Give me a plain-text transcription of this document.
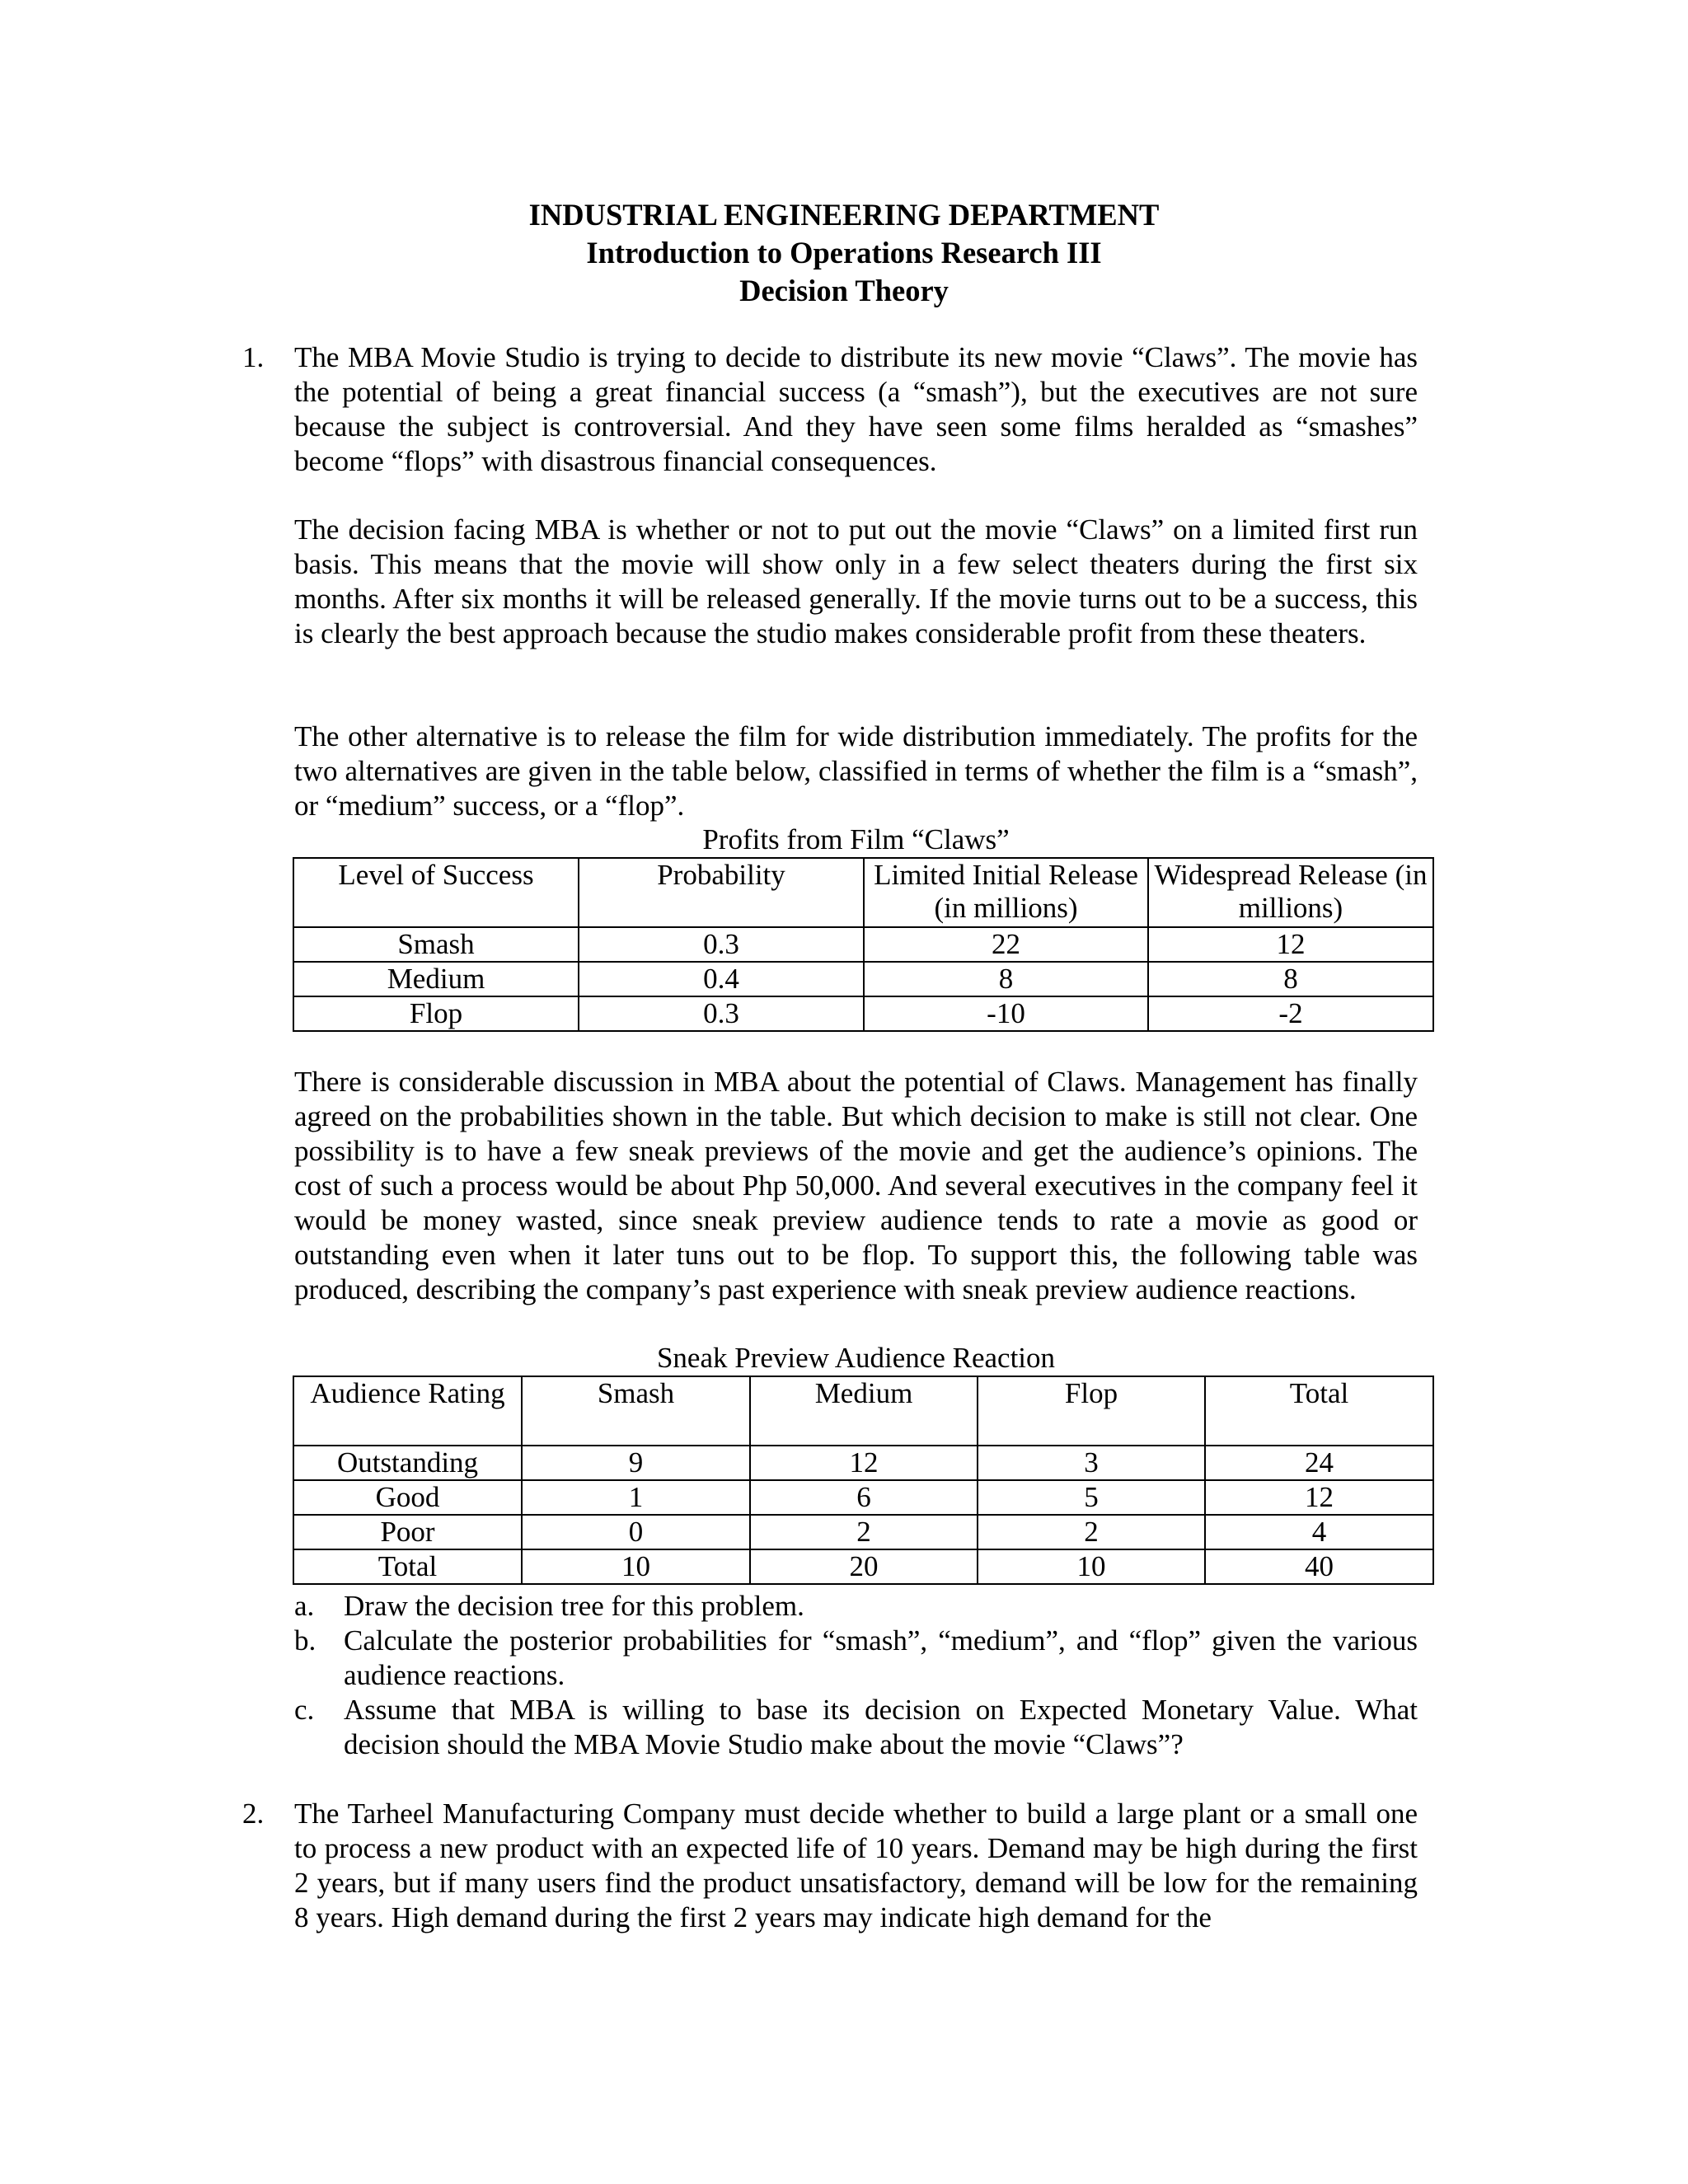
INDUSTRIAL ENGINEERING DEPARTMENT
Introduction to Operations Research III
Decision Theory
1. The MBA Movie Studio is trying to decide to distribute its new movie “Claws”. The movie has the potential of being a great financial success (a “smash”), but the executives are not sure because the subject is controversial. And they have seen some films heralded as “smashes” become “flops” with disastrous financial consequences.

The decision facing MBA is whether or not to put out the movie “Claws” on a limited first run basis. This means that the movie will show only in a few select theaters during the first six months. After six months it will be released generally. If the movie turns out to be a success, this is clearly the best approach because the studio makes considerable profit from these theaters.

The other alternative is to release the film for wide distribution immediately. The profits for the two alternatives are given in the table below, classified in terms of whether the film is a “smash”, or “medium” success, or a “flop”.

Profits from Film “Claws”
Level of Success	Probability	Limited Initial Release (in millions)	Widespread Release (in millions)
Smash	0.3	22	12
Medium	0.4	8	8
Flop	0.3	-10	-2

There is considerable discussion in MBA about the potential of Claws. Management has finally agreed on the probabilities shown in the table. But which decision to make is still not clear. One possibility is to have a few sneak previews of the movie and get the audience’s opinions. The cost of such a process would be about Php 50,000. And several executives in the company feel it would be money wasted, since sneak preview audience tends to rate a movie as good or outstanding even when it later tuns out to be flop. To support this, the following table was produced, describing the company’s past experience with sneak preview audience reactions.

Sneak Preview Audience Reaction
Audience Rating	Smash	Medium	Flop	Total
Outstanding	9	12	3	24
Good	1	6	5	12
Poor	0	2	2	4
Total	10	20	10	40
a. Draw the decision tree for this problem.

b. Calculate the posterior probabilities for “smash”, “medium”, and “flop” given the various audience reactions.

c. Assume that MBA is willing to base its decision on Expected Monetary Value. What decision should the MBA Movie Studio make about the movie “Claws”?

2. The Tarheel Manufacturing Company must decide whether to build a large plant or a small one to process a new product with an expected life of 10 years. Demand may be high during the first 2 years, but if many users find the product unsatisfactory, demand will be low for the remaining 8 years. High demand during the first 2 years may indicate high demand for the
